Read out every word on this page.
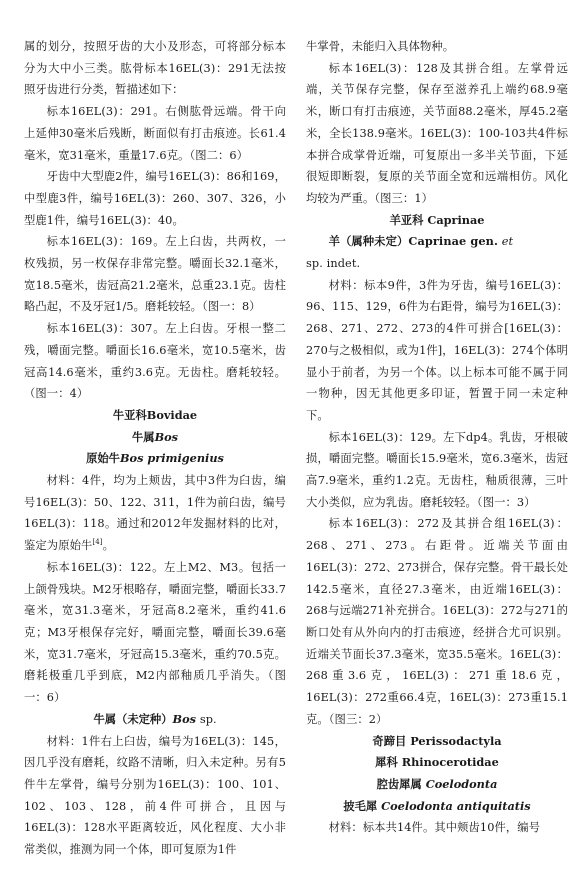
属的划分，按照牙齿的大小及形态，可将部分标本分为大中小三类。肱骨标本16EL(3)：291无法按照牙齿进行分类，暂描述如下：

标本16EL(3)：291。右侧肱骨远端。骨干向上延伸30毫米后残断，断面似有打击痕迹。长61.4毫米，宽31毫米，重量17.6克。（图二：6）

牙齿中大型鹿2件，编号16EL(3)：86和169，中型鹿3件，编号16EL(3)：260、307、326，小型鹿1件，编号16EL(3)：40。

标本16EL(3)：169。左上臼齿，共两枚，一枚残损，另一枚保存非常完整。嚼面长32.1毫米，宽18.5毫米，齿冠高21.2毫米，总重23.1克。齿柱略凸起，不及牙冠1/5。磨耗较轻。（图一：8）

标本16EL(3)：307。左上臼齿。牙根一整二残，嚼面完整。嚼面长16.6毫米，宽10.5毫米，齿冠高14.6毫米，重约3.6克。无齿柱。磨耗较轻。（图一：4）

牛亚科Bovidae

牛属Bos

原始牛Bos primigenius

材料：4件，均为上颊齿，其中3件为臼齿，编号16EL(3)：50、122、311，1件为前臼齿，编号16EL(3)：118。通过和2012年发掘材料的比对，鉴定为原始牛[4]。

标本16EL(3)：122。左上M2、M3。包括一上颌骨残块。M2牙根略存，嚼面完整，嚼面长33.7毫米，宽31.3毫米，牙冠高8.2毫米，重约41.6克；M3牙根保存完好，嚼面完整，嚼面长39.6毫米，宽31.7毫米，牙冠高15.3毫米，重约70.5克。磨耗极重几乎到底，M2内部釉质几乎消失。（图一：6）

牛属（未定种）Bos sp.

材料：1件右上臼齿，编号为16EL(3)：145，因几乎没有磨耗，纹路不清晰，归入未定种。另有5件牛左掌骨，编号分别为16EL(3)：100、101、102、103、128，前4件可拼合，且因与16EL(3)：128水平距离较近，风化程度、大小非常类似，推测为同一个体，即可复原为1件

牛掌骨，未能归入具体物种。

标本16EL(3)：128及其拼合组。左掌骨远端，关节保存完整，保存至滋养孔上端约68.9毫米，断口有打击痕迹，关节面88.2毫米，厚45.2毫米，全长138.9毫米。16EL(3)：100-103共4件标本拼合成掌骨近端，可复原出一多半关节面，下延很短即断裂，复原的关节面全宽和远端相仿。风化均较为严重。（图三：1）

羊亚科 Caprinae

羊（属种未定）Caprinae gen. et
sp. indet.

材料：标本9件，3件为牙齿，编号16EL(3)：96、115、129，6件为右距骨，编号为16EL(3)：268、271、272、273的4件可拼合[16EL(3)：270与之极相似，或为1件]，16EL(3)：274个体明显小于前者，为另一个体。以上标本可能不属于同一物种，因无其他更多印证，暂置于同一未定种下。

标本16EL(3)：129。左下dp4。乳齿，牙根破损，嚼面完整。嚼面长15.9毫米，宽6.3毫米，齿冠高7.9毫米，重约1.2克。无齿柱，釉质很薄，三叶大小类似，应为乳齿。磨耗较轻。（图一：3）

标本16EL(3)：272及其拼合组16EL(3)：268、271、273。右距骨。近端关节面由16EL(3)：272、273拼合，保存完整。骨干最长处142.5毫米，直径27.3毫米，由近端16EL(3)：268与远端271补充拼合。16EL(3)：272与271的断口处有从外向内的打击痕迹，经拼合尤可识别。近端关节面长37.3毫米，宽35.5毫米。16EL(3)：268重3.6克，16EL(3)：271重18.6克，16EL(3)：272重66.4克，16EL(3)：273重15.1克。（图三：2）

奇蹄目 Perissodactyla

犀科 Rhinocerotidae

腔齿犀属 Coelodonta

披毛犀 Coelodonta antiquitatis

材料：标本共14件。其中颊齿10件，编号
